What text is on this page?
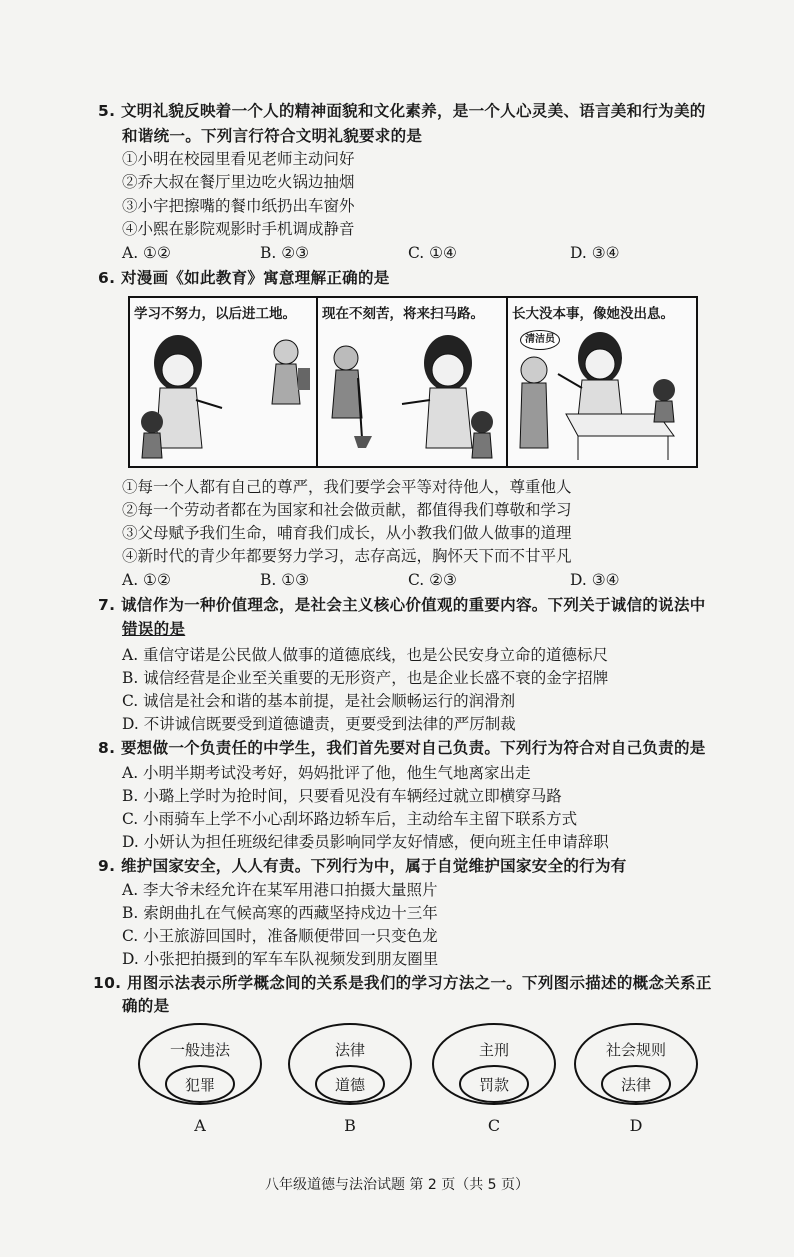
5. 文明礼貌反映着一个人的精神面貌和文化素养，是一个人心灵美、语言美和行为美的
和谐统一。下列言行符合文明礼貌要求的是
①小明在校园里看见老师主动问好
②乔大叔在餐厅里边吃火锅边抽烟
③小宇把擦嘴的餐巾纸扔出车窗外
④小熙在影院观影时手机调成静音
A. ①②	B. ②③	C. ①④	D. ③④
6. 对漫画《如此教育》寓意理解正确的是
学习不努力，以后进工地。 现在不刻苦，将来扫马路。 长大没本事，像她没出息。
清洁员
①每一个人都有自己的尊严，我们要学会平等对待他人，尊重他人
②每一个劳动者都在为国家和社会做贡献，都值得我们尊敬和学习
③父母赋予我们生命，哺育我们成长，从小教我们做人做事的道理
④新时代的青少年都要努力学习，志存高远，胸怀天下而不甘平凡
A. ①②	B. ①③	C. ②③	D. ③④
7. 诚信作为一种价值理念，是社会主义核心价值观的重要内容。下列关于诚信的说法中
错误的是
A. 重信守诺是公民做人做事的道德底线，也是公民安身立命的道德标尺
B. 诚信经营是企业至关重要的无形资产，也是企业长盛不衰的金字招牌
C. 诚信是社会和谐的基本前提，是社会顺畅运行的润滑剂
D. 不讲诚信既要受到道德谴责，更要受到法律的严厉制裁
8. 要想做一个负责任的中学生，我们首先要对自己负责。下列行为符合对自己负责的是
A. 小明半期考试没考好，妈妈批评了他，他生气地离家出走
B. 小璐上学时为抢时间，只要看见没有车辆经过就立即横穿马路
C. 小雨骑车上学不小心刮坏路边轿车后，主动给车主留下联系方式
D. 小妍认为担任班级纪律委员影响同学友好情感，便向班主任申请辞职
9. 维护国家安全，人人有责。下列行为中，属于自觉维护国家安全的行为有
A. 李大爷未经允许在某军用港口拍摄大量照片
B. 索朗曲扎在气候高寒的西藏坚持戍边十三年
C. 小王旅游回国时，准备顺便带回一只变色龙
D. 小张把拍摄到的军车车队视频发到朋友圈里
10. 用图示法表示所学概念间的关系是我们的学习方法之一。下列图示描述的概念关系正
确的是
一般违法
犯罪
A
法律
道德
B
主刑
罚款
C
社会规则
法律
D
八年级道德与法治试题 第 2 页（共 5 页）
